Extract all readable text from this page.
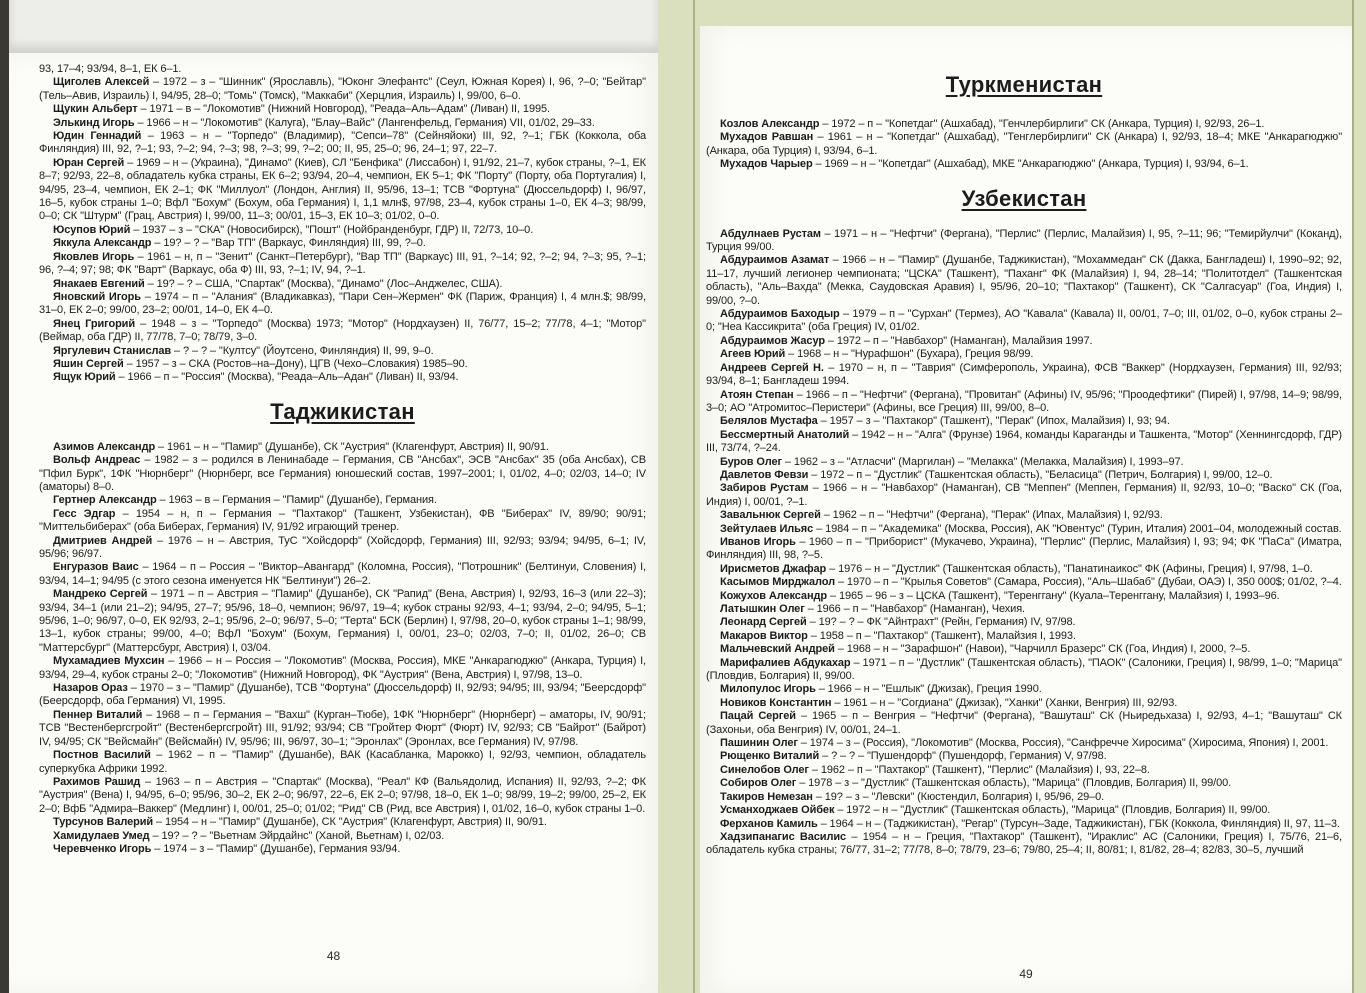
93, 17–4; 93/94, 8–1, ЕК 6–1.

Щиголев Алексей – 1972 – з – "Шинник" (Ярославль), "Юконг Элефантс" (Сеул, Южная Корея) I, 96, ?–0; "Бейтар" (Тель–Авив, Израиль) I, 94/95, 28–0; "Томь" (Томск), "Маккаби" (Херцлия, Израиль) I, 99/00, 6–0.

Щукин Альберт – 1971 – в – "Локомотив" (Нижний Новгород), "Реада–Аль–Адам" (Ливан) II, 1995.

Элькинд Игорь – 1966 – н – "Локомотив" (Калуга), "Блау–Вайс" (Лангенфельд, Германия) VII, 01/02, 29–33.

Юдин Геннадий – 1963 – н – "Торпедо" (Владимир), "Сепси–78" (Сейняйоки) III, 92, ?–1; ГБК (Коккола, оба Финляндия) III, 92, ?–1; 93, ?–2; 94, ?–3; 98, ?–3; 99, ?–2; 00; II, 95, 25–0; 96, 24–1; 97, 22–7.

Юран Сергей – 1969 – н – (Украина), "Динамо" (Киев), СЛ "Бенфика" (Лиссабон) I, 91/92, 21–7, кубок страны, ?–1, ЕК 8–7; 92/93, 22–8, обладатель кубка страны, ЕК 6–2; 93/94, 20–4, чемпион, ЕК 5–1; ФК "Порту" (Порту, оба Португалия) I, 94/95, 23–4, чемпион, ЕК 2–1; ФК "Миллуол" (Лондон, Англия) II, 95/96, 13–1; ТСВ "Фортуна" (Дюссельдорф) I, 96/97, 16–5, кубок страны 1–0; ВфЛ "Бохум" (Бохум, оба Германия) I, 1,1 млн$, 97/98, 23–4, кубок страны 1–0, ЕК 4–3; 98/99, 0–0; СК "Штурм" (Грац, Австрия) I, 99/00, 11–3; 00/01, 15–3, ЕК 10–3; 01/02, 0–0.

Юсупов Юрий – 1937 – з – "СКА" (Новосибирск), "Пошт" (Нойбранденбург, ГДР) II, 72/73, 10–0.

Яккула Александр – 19? – ? – "Вар ТП" (Варкаус, Финляндия) III, 99, ?–0.

Яковлев Игорь – 1961 – н, п – "Зенит" (Санкт–Петербург), "Вар ТП" (Варкаус) III, 91, ?–14; 92, ?–2; 94, ?–3; 95, ?–1; 96, ?–4; 97; 98; ФК "Варт" (Варкаус, оба Ф) III, 93, ?–1; IV, 94, ?–1.

Янакаев Евгений – 19? – ? – США, "Спартак" (Москва), "Динамо" (Лос–Анджелес, США).

Яновский Игорь – 1974 – п – "Алания" (Владикавказ), "Пари Сен–Жермен" ФК (Париж, Франция) I, 4 млн.$; 98/99, 31–0, ЕК 2–0; 99/00, 23–2; 00/01, 14–0, ЕК 4–0.

Янец Григорий – 1948 – з – "Торпедо" (Москва) 1973; "Мотор" (Нордхаузен) II, 76/77, 15–2; 77/78, 4–1; "Мотор" (Веймар, оба ГДР) II, 77/78, 7–0; 78/79, 3–0.

Яргулевич Станислав – ? – ? – "Култсу" (Йоутсено, Финляндия) II, 99, 9–0.

Яшин Сергей – 1957 – з – СКА (Ростов–на–Дону), ЦГВ (Чехо–Словакия) 1985–90.

Ящук Юрий – 1966 – п – "Россия" (Москва), "Реада–Аль–Адан" (Ливан) II, 93/94.

Таджикистан

Азимов Александр – 1961 – н – "Памир" (Душанбе), СК "Аустрия" (Клагенфурт, Австрия) II, 90/91.

Вольф Андреас – 1982 – з – родился в Ленинабаде – Германия, СВ "Ансбах", ЭСВ "Ансбах" 35 (оба Ансбах), СВ "Пфил Бурк", 1ФК "Нюрнберг" (Нюрнберг, все Германия) юношеский состав, 1997–2001; I, 01/02, 4–0; 02/03, 14–0; IV (аматоры) 8–0.

Гертнер Александр – 1963 – в – Германия – "Памир" (Душанбе), Германия.

Гесс Эдгар – 1954 – н, п – Германия – "Пахтакор" (Ташкент, Узбекистан), ФВ "Биберах" IV, 89/90; 90/91; "Миттельбиберах" (оба Биберах, Германия) IV, 91/92 играющий тренер.

Дмитриев Андрей – 1976 – н – Австрия, ТуС "Хойсдорф" (Хойсдорф, Германия) III, 92/93; 93/94; 94/95, 6–1; IV, 95/96; 96/97.

Енгуразов Ваис – 1964 – п – Россия – "Виктор–Авангард" (Коломна, Россия), "Потрошник" (Белтинуи, Словения) I, 93/94, 14–1; 94/95 (с этого сезона именуется НК "Белтинуи") 26–2.

Мандреко Сергей – 1971 – п – Австрия – "Памир" (Душанбе), СК "Рапид" (Вена, Австрия) I, 92/93, 16–3 (или 22–3); 93/94, 34–1 (или 21–2); 94/95, 27–7; 95/96, 18–0, чемпион; 96/97, 19–4; кубок страны 92/93, 4–1; 93/94, 2–0; 94/95, 5–1; 95/96, 1–0; 96/97, 0–0, ЕК 92/93, 2–1; 95/96, 2–0; 96/97, 5–0; "Терта" БСК (Берлин) I, 97/98, 20–0, кубок страны 1–1; 98/99, 13–1, кубок страны; 99/00, 4–0; ВфЛ "Бохум" (Бохум, Германия) I, 00/01, 23–0; 02/03, 7–0; II, 01/02, 26–0; СВ "Маттерсбург" (Маттерсбург, Австрия) I, 03/04.

Мухамадиев Мухсин – 1966 – н – Россия – "Локомотив" (Москва, Россия), МКЕ "Анкарагюджю" (Анкара, Турция) I, 93/94, 29–4, кубок страны 2–0; "Локомотив" (Нижний Новгород), ФК "Аустрия" (Вена, Австрия) I, 97/98, 13–0.

Назаров Ораз – 1970 – з – "Памир" (Душанбе), ТСВ "Фортуна" (Дюссельдорф) II, 92/93; 94/95; III, 93/94; "Беерсдорф" (Беерсдорф, оба Германия) VI, 1995.

Пеннер Виталий – 1968 – п – Германия – "Вахш" (Курган–Тюбе), 1ФК "Нюрнберг" (Нюрнберг) – аматоры, IV, 90/91; ТСВ "Вестенбергсгройт" (Вестенбергсгройт) III, 91/92; 93/94; СВ "Гройтер Фюрт" (Фюрт) IV, 92/93; СВ "Байрот" (Байрот) IV, 94/95; СК "Вейсмайн" (Вейсмайн) IV, 95/96; III, 96/97, 30–1; "Эронлах" (Эронлах, все Германия) IV, 97/98.

Постнов Василий – 1962 – п – "Памир" (Душанбе), ВАК (Касабланка, Марокко) I, 92/93, чемпион, обладатель суперкубка Африки 1992.

Рахимов Рашид – 1963 – п – Австрия – "Спартак" (Москва), "Реал" КФ (Вальядолид, Испания) II, 92/93, ?–2; ФК "Аустрия" (Вена) I, 94/95, 6–0; 95/96, 30–2, ЕК 2–0; 96/97, 22–6, ЕК 2–0; 97/98, 18–0, ЕК 1–0; 98/99, 19–2; 99/00, 25–2, ЕК 2–0; ВфБ "Адмира–Ваккер" (Медлинг) I, 00/01, 25–0; 01/02; "Рид" СВ (Рид, все Австрия) I, 01/02, 16–0, кубок страны 1–0.

Турсунов Валерий – 1954 – н – "Памир" (Душанбе), СК "Аустрия" (Клагенфурт, Австрия) II, 90/91.

Хамидулаев Умед – 19? – ? – "Вьетнам Эйрдайнс" (Ханой, Вьетнам) I, 02/03.

Черевченко Игорь – 1974 – з – "Памир" (Душанбе), Германия 93/94.

48
Туркменистан

Козлов Александр – 1972 – п – "Копетдаг" (Ашхабад), "Генчлербирлиги" СК (Анкара, Турция) I, 92/93, 26–1.

Мухадов Равшан – 1961 – н – "Копетдаг" (Ашхабад), "Тенглербирлиги" СК (Анкара) I, 92/93, 18–4; МКЕ "Анкарагюджю" (Анкара, оба Турция) I, 93/94, 6–1.

Мухадов Чарыер – 1969 – н – "Копетдаг" (Ашхабад), МКЕ "Анкарагюджю" (Анкара, Турция) I, 93/94, 6–1.

Узбекистан

Абдулнаев Рустам – 1971 – н – "Нефтчи" (Фергана), "Перлис" (Перлис, Малайзия) I, 95, ?–11; 96; "Темирйулчи" (Коканд), Турция 99/00.

Абдураимов Азамат – 1966 – н – "Памир" (Душанбе, Таджикистан), "Мохаммедан" СК (Дакка, Бангладеш) I, 1990–92; 92, 11–17, лучший легионер чемпионата; "ЦСКА" (Ташкент), "Паханг" ФК (Малайзия) I, 94, 28–14; "Политотдел" (Ташкентская область), "Аль–Вахда" (Мекка, Саудовская Аравия) I, 95/96, 20–10; "Пахтакор" (Ташкент), СК "Салгасуар" (Гоа, Индия) I, 99/00, ?–0.

Абдураимов Баходыр – 1979 – п – "Сурхан" (Термез), АО "Кавала" (Кавала) II, 00/01, 7–0; III, 01/02, 0–0, кубок страны 2–0; "Неа Кассикрита" (оба Греция) IV, 01/02.

Абдураимов Жасур – 1972 – п – "Навбахор" (Наманган), Малайзия 1997.

Агеев Юрий – 1968 – н – "Нурафшон" (Бухара), Греция 98/99.

Андреев Сергей Н. – 1970 – н, п – "Таврия" (Симферополь, Украина), ФСВ "Ваккер" (Нордхаузен, Германия) III, 92/93; 93/94, 8–1; Бангладеш 1994.

Атоян Степан – 1966 – п – "Нефтчи" (Фергана), "Провитан" (Афины) IV, 95/96; "Проодефтики" (Пирей) I, 97/98, 14–9; 98/99, 3–0; АО "Атромитос–Перистери" (Афины, все Греция) III, 99/00, 8–0.

Белялов Мустафа – 1957 – з – "Пахтакор" (Ташкент), "Перак" (Ипох, Малайзия) I, 93; 94.

Бессмертный Анатолий – 1942 – н – "Алга" (Фрунзе) 1964, команды Караганды и Ташкента, "Мотор" (Хеннингсдорф, ГДР) III, 73/74, ?–24.

Буров Олег – 1962 – з – "Атласчи" (Маргилан) – "Мелакка" (Мелакка, Малайзия) I, 1993–97.

Давлетов Февзи – 1972 – п – "Дустлик" (Ташкентская область), "Беласица" (Петрич, Болгария) I, 99/00, 12–0.

Забиров Рустам – 1966 – н – "Навбахор" (Наманган), СВ "Меппен" (Меппен, Германия) II, 92/93, 10–0; "Васко" СК (Гоа, Индия) I, 00/01, ?–1.

Завальнюк Сергей – 1962 – п – "Нефтчи" (Фергана), "Перак" (Ипах, Малайзия) I, 92/93.

Зейтулаев Ильяс – 1984 – п – "Академика" (Москва, Россия), АК "Ювентус" (Турин, Италия) 2001–04, молодежный состав.

Иванов Игорь – 1960 – п – "Приборист" (Мукачево, Украина), "Перлис" (Перлис, Малайзия) I, 93; 94; ФК "ПаСа" (Иматра, Финляндия) III, 98, ?–5.

Ирисметов Джафар – 1976 – н – "Дустлик" (Ташкентская область), "Панатинаикос" ФК (Афины, Греция) I, 97/98, 1–0.

Касымов Мирджалол – 1970 – п – "Крылья Советов" (Самара, Россия), "Аль–Шабаб" (Дубаи, ОАЭ) I, 350 000$; 01/02, ?–4.

Кожухов Александр – 1965 – 96 – з – ЦСКА (Ташкент), "Теренггану" (Куала–Теренггану, Малайзия) I, 1993–96.

Латышкин Олег – 1966 – п – "Навбахор" (Наманган), Чехия.

Леонард Сергей – 19? – ? – ФК "Айнтрахт" (Рейн, Германия) IV, 97/98.

Макаров Виктор – 1958 – п – "Пахтакор" (Ташкент), Малайзия I, 1993.

Мальчевский Андрей – 1968 – н – "Зарафшон" (Навои), "Чарчилл Бразерс" СК (Гоа, Индия) I, 2000, ?–5.

Марифалиев Абдукахар – 1971 – п – "Дустлик" (Ташкентская область), "ПАОК" (Салоники, Греция) I, 98/99, 1–0; "Марица" (Пловдив, Болгария) II, 99/00.

Милопулос Игорь – 1966 – н – "Ешлык" (Джизак), Греция 1990.

Новиков Константин – 1961 – н – "Согдиана" (Джизак), "Ханки" (Ханки, Венгрия) III, 92/93.

Пацай Сергей – 1965 – п – Венгрия – "Нефтчи" (Фергана), "Вашуташ" СК (Ньиредьхаза) I, 92/93, 4–1; "Вашуташ" СК (Захоньи, оба Венгрия) IV, 00/01, 24–1.

Пашинин Олег – 1974 – з – (Россия), "Локомотив" (Москва, Россия), "Санфречче Хиросима" (Хиросима, Япония) I, 2001.

Рющенко Виталий – ? – ? – "Пушендорф" (Пушендорф, Германия) V, 97/98.

Синелобов Олег – 1962 – п – "Пахтакор" (Ташкент), "Перлис" (Малайзия) I, 93, 22–8.

Собиров Олег – 1978 – з – "Дустлик" (Ташкентская область), "Марица" (Пловдив, Болгария) II, 99/00.

Такиров Немезан – 19? – з – "Левски" (Кюстендил, Болгария) I, 95/96, 29–0.

Усманходжаев Ойбек – 1972 – н – "Дустлик" (Ташкентская область), "Марица" (Пловдив, Болгария) II, 99/00.

Ферханов Камиль – 1964 – н – (Таджикистан), "Регар" (Турсун–Заде, Таджикистан), ГБК (Коккола, Финляндия) II, 97, 11–3.

Хадзипанагис Василис – 1954 – н – Греция, "Пахтакор" (Ташкент), "Ираклис" АС (Салоники, Греция) I, 75/76, 21–6, обладатель кубка страны; 76/77, 31–2; 77/78, 8–0; 78/79, 23–6; 79/80, 25–4; II, 80/81; I, 81/82, 28–4; 82/83, 30–5, лучший

49
